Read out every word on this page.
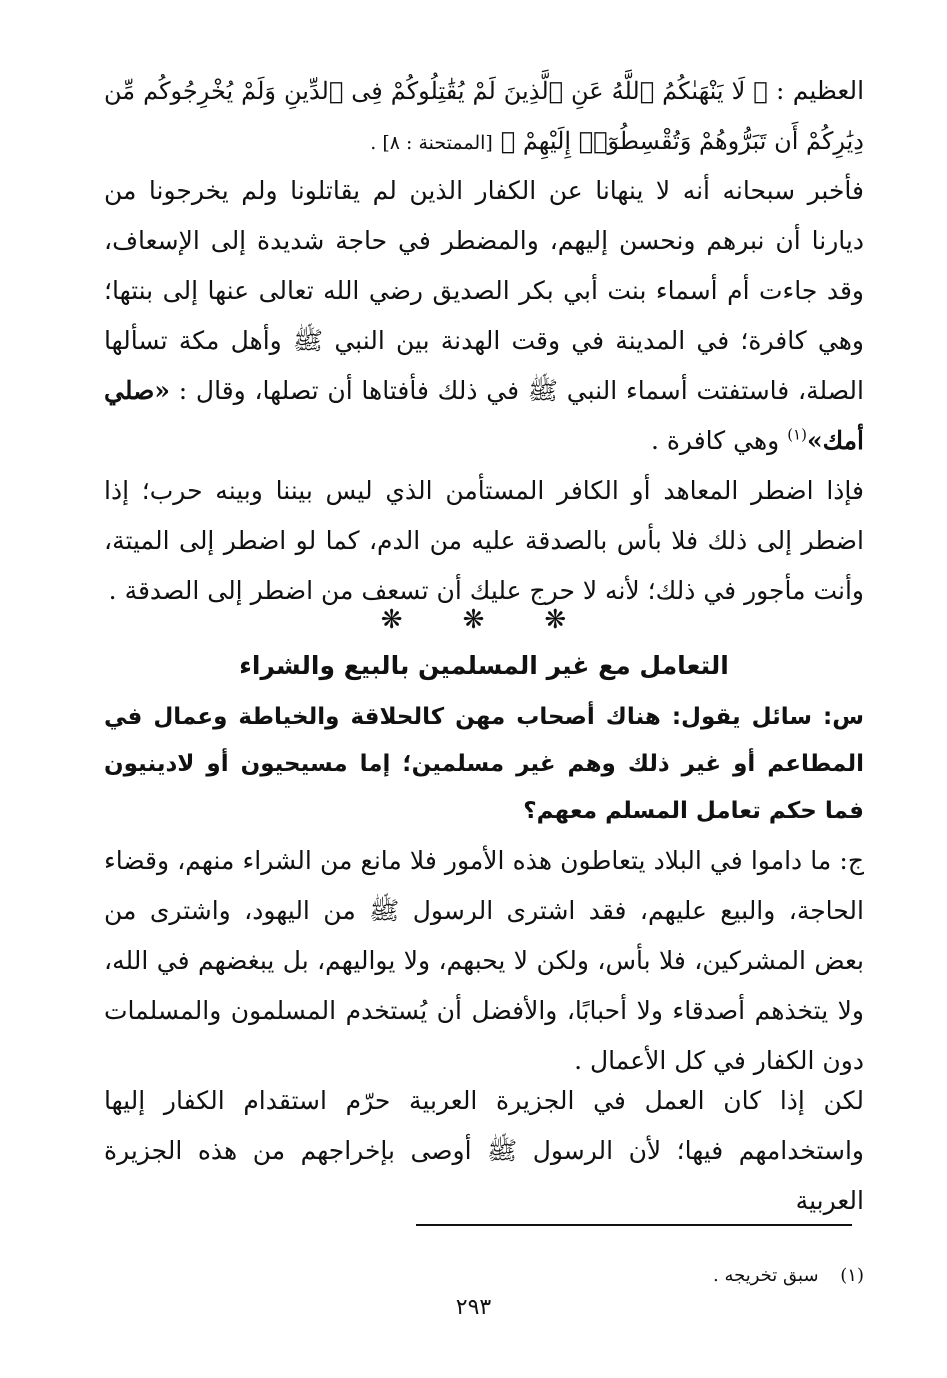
العظيم : ﴿ لَا يَنْهَىٰكُمُ ٱللَّهُ عَنِ ٱلَّذِينَ لَمْ يُقَٰتِلُوكُمْ فِى ٱلدِّينِ وَلَمْ يُخْرِجُوكُم مِّن دِيَٰرِكُمْ أَن تَبَرُّوهُمْ وَتُقْسِطُوٓا۟ إِلَيْهِمْ ﴾ [الممتحنة : ٨] .

فأخبر سبحانه أنه لا ينهانا عن الكفار الذين لم يقاتلونا ولم يخرجونا من ديارنا أن نبرهم ونحسن إليهم، والمضطر في حاجة شديدة إلى الإسعاف، وقد جاءت أم أسماء بنت أبي بكر الصديق رضي الله تعالى عنها إلى بنتها؛ وهي كافرة؛ في المدينة في وقت الهدنة بين النبي ﷺ وأهل مكة تسألها الصلة، فاستفتت أسماء النبي ﷺ في ذلك فأفتاها أن تصلها، وقال : «صلي أمك»$^{(١)}$ وهي كافرة .

فإذا اضطر المعاهد أو الكافر المستأمن الذي ليس بيننا وبينه حرب؛ إذا اضطر إلى ذلك فلا بأس بالصدقة عليه من الدم، كما لو اضطر إلى الميتة، وأنت مأجور في ذلك؛ لأنه لا حرج عليك أن تسعف من اضطر إلى الصدقة .

❋ ❋ ❋
التعامل مع غير المسلمين بالبيع والشراء

س: سائل يقول: هناك أصحاب مهن كالحلاقة والخياطة وعمال في المطاعم أو غير ذلك وهم غير مسلمين؛ إما مسيحيون أو لادينيون فما حكم تعامل المسلم معهم؟

ج: ما داموا في البلاد يتعاطون هذه الأمور فلا مانع من الشراء منهم، وقضاء الحاجة، والبيع عليهم، فقد اشترى الرسول ﷺ من اليهود، واشترى من بعض المشركين، فلا بأس، ولكن لا يحبهم، ولا يواليهم، بل يبغضهم في الله، ولا يتخذهم أصدقاء ولا أحبابًا، والأفضل أن يُستخدم المسلمون والمسلمات دون الكفار في كل الأعمال .

لكن إذا كان العمل في الجزيرة العربية حرّم استقدام الكفار إليها واستخدامهم فيها؛ لأن الرسول ﷺ أوصى بإخراجهم من هذه الجزيرة العربية

(١) سبق تخريجه .

٢٩٣
